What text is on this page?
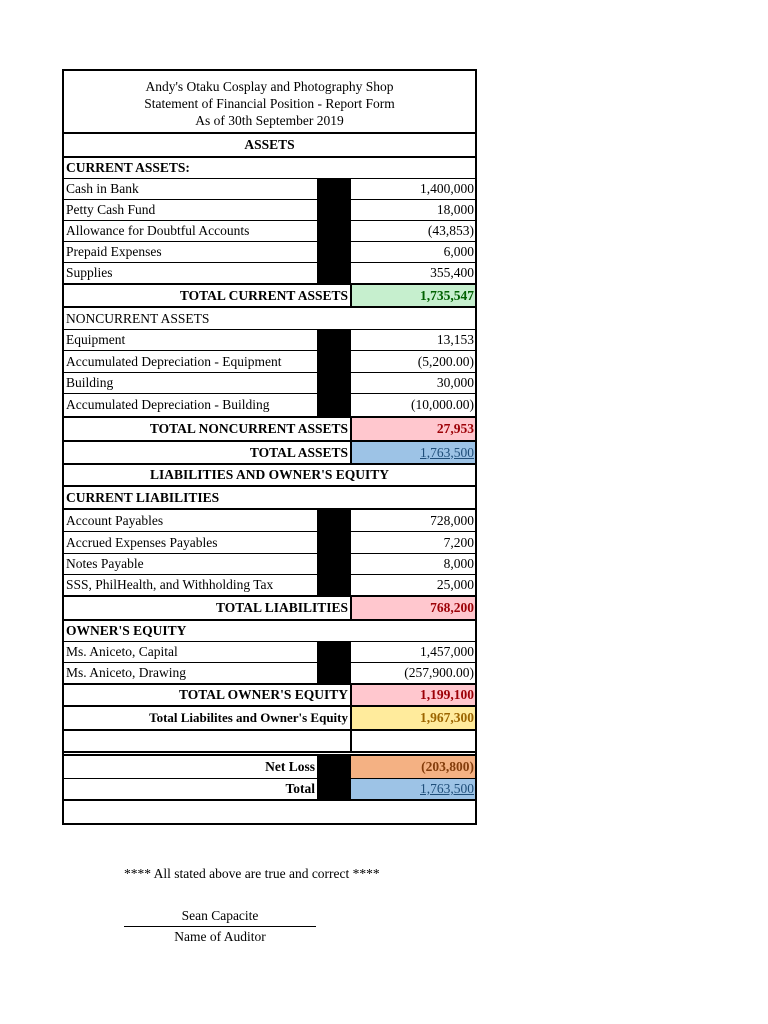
Andy's Otaku Cosplay and Photography Shop
Statement of Financial Position - Report Form
As of 30th September 2019
ASSETS
CURRENT ASSETS:
Cash in Bank	1,400,000
Petty Cash Fund	18,000
Allowance for Doubtful Accounts	(43,853)
Prepaid Expenses	6,000
Supplies	355,400
TOTAL CURRENT ASSETS	1,735,547
NONCURRENT ASSETS
Equipment	13,153
Accumulated Depreciation - Equipment	(5,200.00)
Building	30,000
Accumulated Depreciation - Building	(10,000.00)
TOTAL NONCURRENT ASSETS	27,953
TOTAL ASSETS	1,763,500
LIABILITIES AND OWNER'S EQUITY
CURRENT LIABILITIES
Account Payables	728,000
Accrued Expenses Payables	7,200
Notes Payable	8,000
SSS, PhilHealth, and Withholding Tax	25,000
TOTAL LIABILITIES	768,200
OWNER'S EQUITY
Ms. Aniceto, Capital	1,457,000
Ms. Aniceto, Drawing	(257,900.00)
TOTAL OWNER'S EQUITY	1,199,100
Total Liabilites and Owner's Equity	1,967,300
Net Loss	(203,800)
Total	1,763,500
**** All stated above are true and correct ****
Sean Capacite
Name of Auditor
